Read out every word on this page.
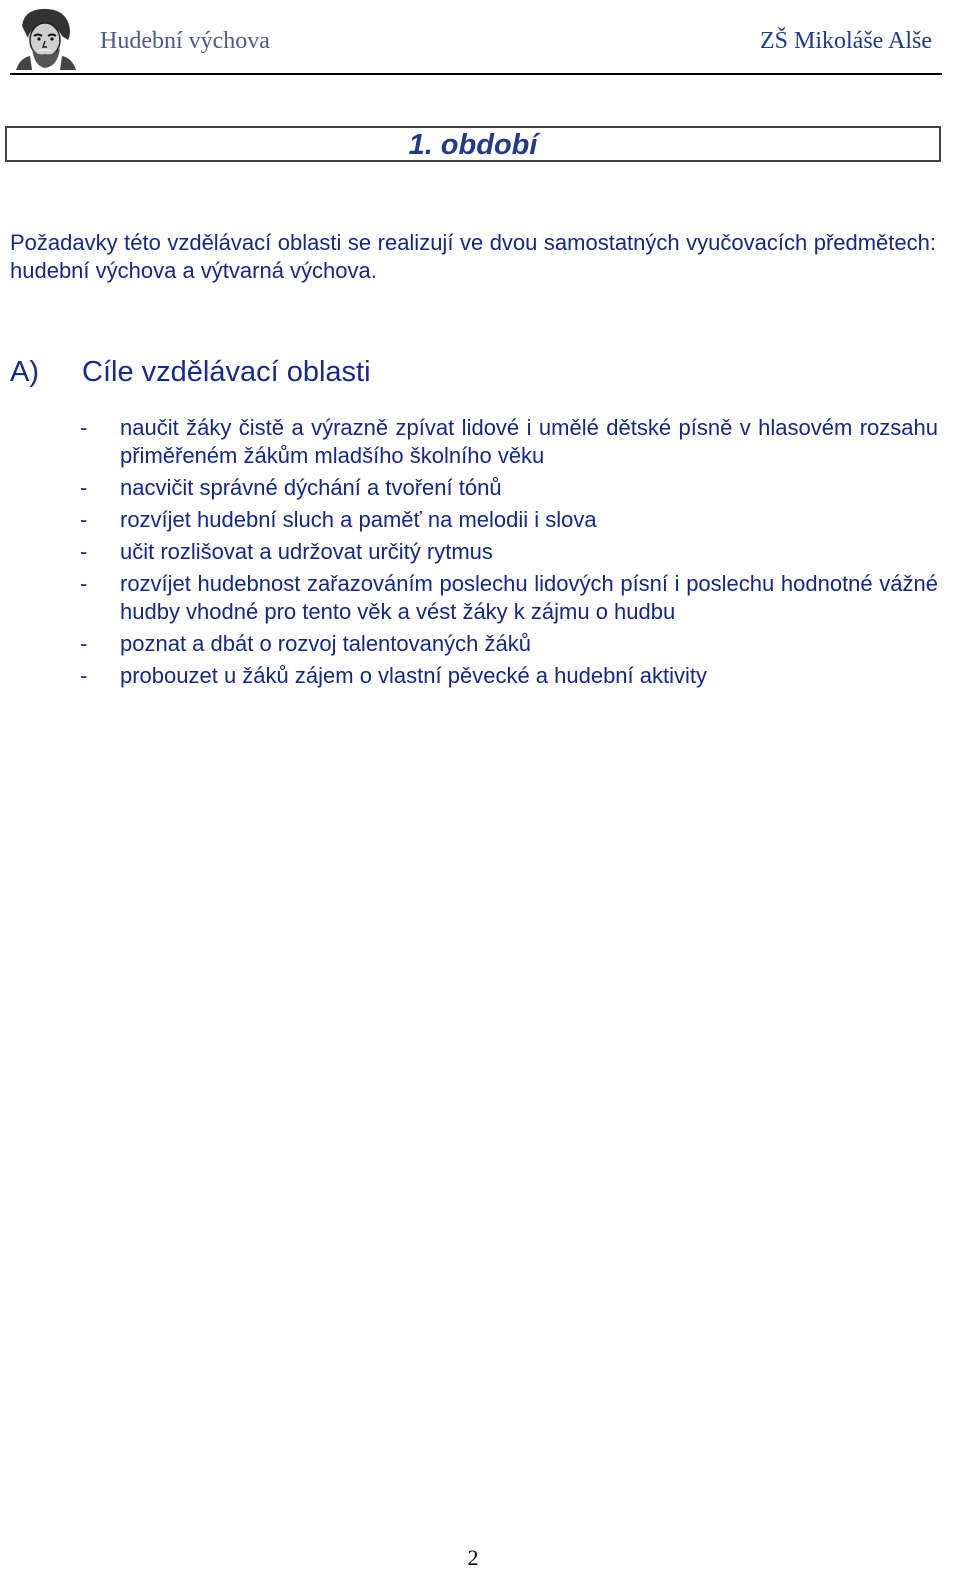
Hudební výchova	ZŠ Mikoláše Alše
1. období
Požadavky této vzdělávací oblasti se realizují ve dvou samostatných vyučovacích předmětech: hudební výchova a výtvarná výchova.
A) Cíle vzdělávací oblasti
- naučit žáky čistě a výrazně zpívat lidové i umělé dětské písně v hlasovém rozsahu přiměřeném žákům mladšího školního věku
- nacvičit správné dýchání a tvoření tónů
- rozvíjet hudební sluch a paměť na melodii i slova
- učit rozlišovat a udržovat určitý rytmus
- rozvíjet hudebnost zařazováním poslechu lidových písní i poslechu hodnotné vážné hudby vhodné pro tento věk a vést žáky k zájmu o hudbu
- poznat a dbát o rozvoj talentovaných žáků
- probouzet u žáků zájem o vlastní pěvecké a hudební aktivity
2
